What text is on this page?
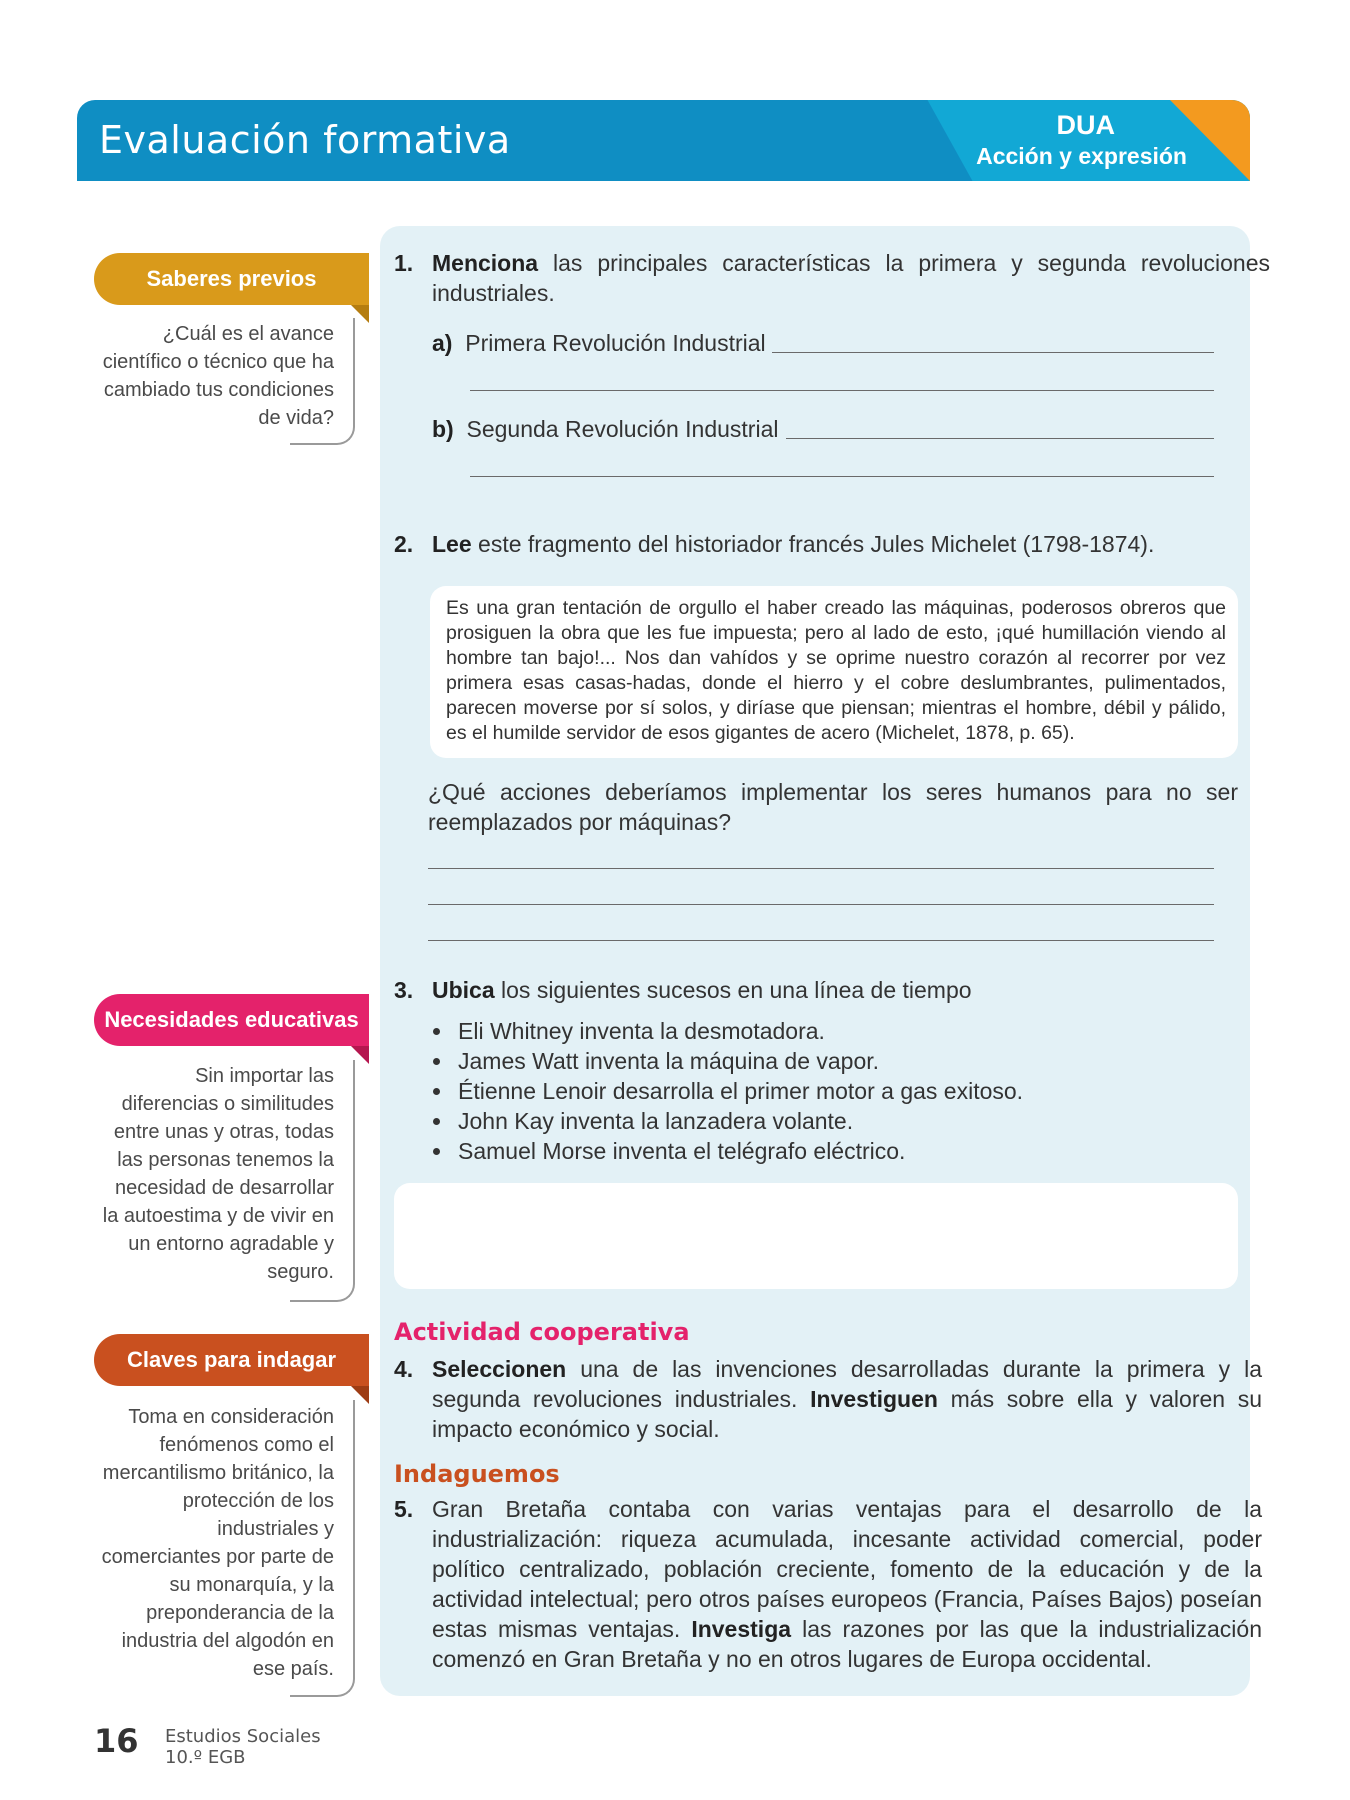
Evaluación formativa	DUA
Acción y expresión
Saberes previos
¿Cuál es el avance científico o técnico que ha cambiado tus condiciones de vida?
Necesidades educativas
Sin importar las diferencias o similitudes entre unas y otras, todas las personas tenemos la necesidad de desarrollar la autoestima y de vivir en un entorno agradable y seguro.
Claves para indagar
Toma en consideración fenómenos como el mercantilismo británico, la protección de los industriales y comerciantes por parte de su monarquía, y la preponderancia de la industria del algodón en ese país.
1. Menciona las principales características la primera y segunda revoluciones industriales.
a) Primera Revolución Industrial
b) Segunda Revolución Industrial
2. Lee este fragmento del historiador francés Jules Michelet (1798-1874).
Es una gran tentación de orgullo el haber creado las máquinas, poderosos obreros que prosiguen la obra que les fue impuesta; pero al lado de esto, ¡qué humillación viendo al hombre tan bajo!... Nos dan vahídos y se oprime nuestro corazón al recorrer por vez primera esas casas-hadas, donde el hierro y el cobre deslumbrantes, pulimentados, parecen moverse por sí solos, y diríase que piensan; mientras el hombre, débil y pálido, es el humilde servidor de esos gigantes de acero (Michelet, 1878, p. 65).
¿Qué acciones deberíamos implementar los seres humanos para no ser reemplazados por máquinas?
3. Ubica los siguientes sucesos en una línea de tiempo
• Eli Whitney inventa la desmotadora.
• James Watt inventa la máquina de vapor.
• Étienne Lenoir desarrolla el primer motor a gas exitoso.
• John Kay inventa la lanzadera volante.
• Samuel Morse inventa el telégrafo eléctrico.
Actividad cooperativa
4. Seleccionen una de las invenciones desarrolladas durante la primera y la segunda revoluciones industriales. Investiguen más sobre ella y valoren su impacto económico y social.
Indaguemos
5. Gran Bretaña contaba con varias ventajas para el desarrollo de la industrialización: riqueza acumulada, incesante actividad comercial, poder político centralizado, población creciente, fomento de la educación y de la actividad intelectual; pero otros países europeos (Francia, Países Bajos) poseían estas mismas ventajas. Investiga las razones por las que la industrialización comenzó en Gran Bretaña y no en otros lugares de Europa occidental.
16 Estudios Sociales
10.º EGB
